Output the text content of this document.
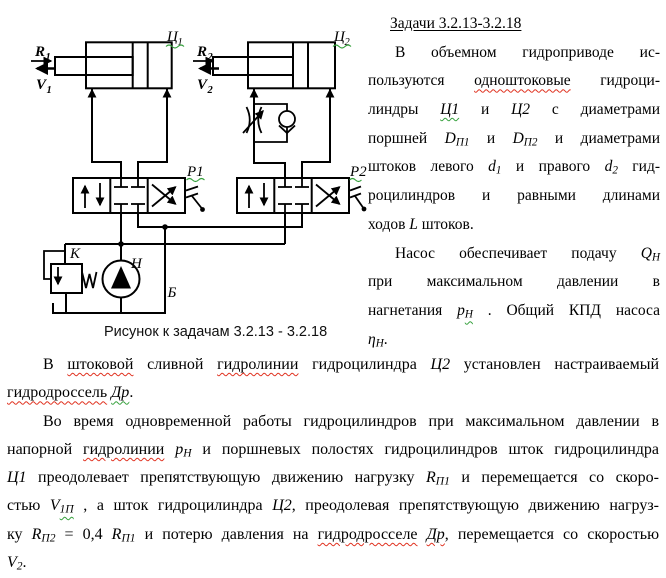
R 1
V 1
Ц 1
R 2
V 2
Ц 2
Р1	Р2
К
Н
Б
Рисунок к задачам 3.2.13 - 3.2.18
Задачи 3.2.13-3.2.18
В объемном гидроприводе ис-
пользуются одноштоковые гидроци-
линдры Ц1 и Ц2 с диаметрами
поршней DП1 и DП2 и диаметрами
штоков левого d1 и правого d2 гид-
роцилиндров и равными длинами
ходов L штоков.
Насос обеспечивает подачу QН
при максимальном давлении в
нагнетания pН . Общий КПД насоса
ηН.
В штоковой сливной гидролинии гидроцилиндра Ц2 установлен настраиваемый
гидродроссель Др.
Во время одновременной работы гидроцилиндров при максимальном давлении в
напорной гидролинии pН и поршневых полостях гидроцилиндров шток гидроцилиндра
Ц1 преодолевает препятствующую движению нагрузку RП1 и перемещается со скоро-
стью V1П , а шток гидроцилиндра Ц2, преодолевая препятствующую движению нагруз-
ку RП2 = 0,4 RП1 и потерю давления на гидродросселе Др, перемещается со скоростью
V2.
